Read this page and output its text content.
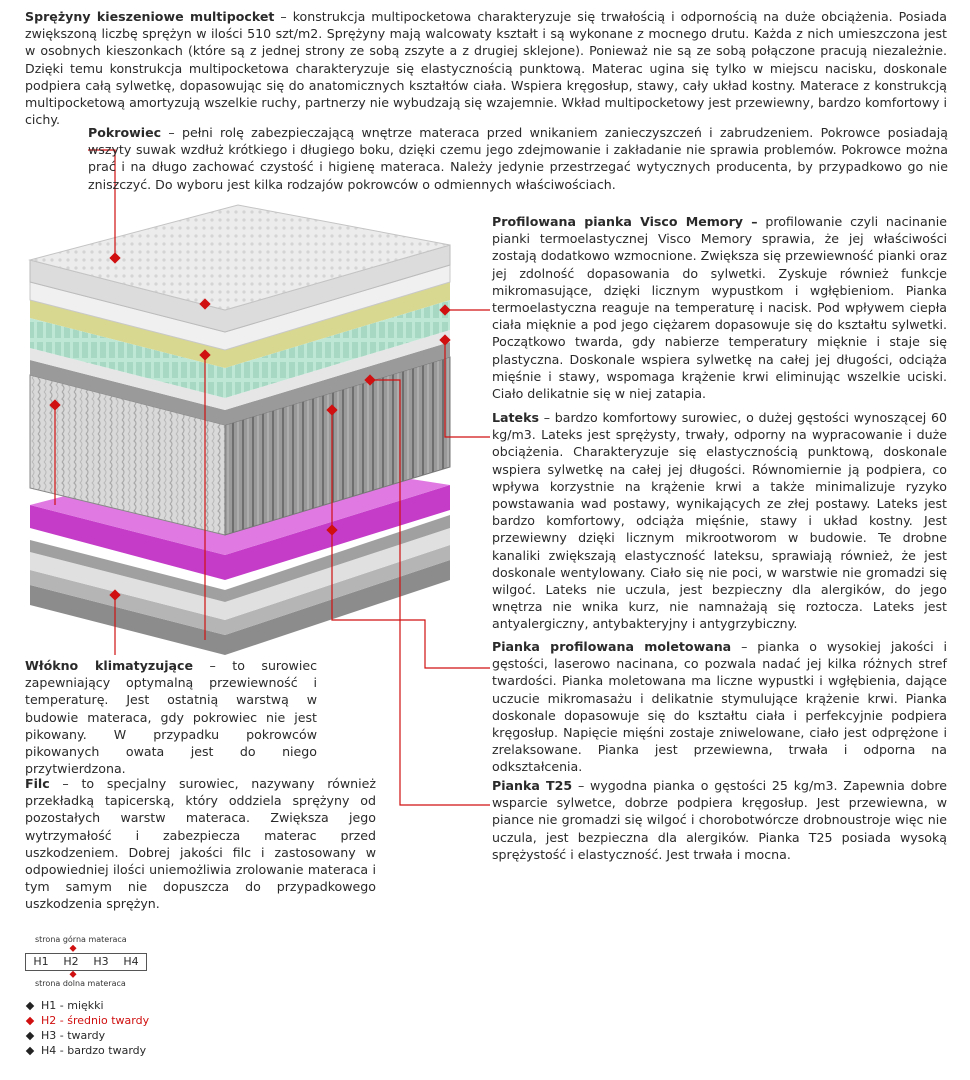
Sprężyny kieszeniowe multipocket – konstrukcja multipocketowa charakteryzuje się trwałością i odpornością na duże obciążenia. Posiada zwiększoną liczbę sprężyn w ilości 510 szt/m2. Sprężyny mają walcowaty kształt i są wykonane z mocnego drutu. Każda z nich umieszczona jest w osobnych kieszonkach (które są z jednej strony ze sobą zszyte a z drugiej sklejone). Ponieważ nie są ze sobą połączone pracują niezależnie. Dzięki temu konstrukcja multipocketowa charakteryzuje się elastycznością punktową. Materac ugina się tylko w miejscu nacisku, doskonale podpiera całą sylwetkę, dopasowując się do anatomicznych kształtów ciała. Wspiera kręgosłup, stawy, cały układ kostny. Materace z konstrukcją multipocketową amortyzują wszelkie ruchy, partnerzy nie wybudzają się wzajemnie. Wkład multipocketowy jest przewiewny, bardzo komfortowy i cichy.

Pokrowiec – pełni rolę zabezpieczającą wnętrze materaca przed wnikaniem zanieczyszczeń i zabrudzeniem. Pokrowce posiadają wszyty suwak wzdłuż krótkiego i długiego boku, dzięki czemu jego zdejmowanie i zakładanie nie sprawia problemów. Pokrowce można prać i na długo zachować czystość i higienę materaca. Należy jedynie przestrzegać wytycznych producenta, by przypadkowo go nie zniszczyć. Do wyboru jest kilka rodzajów pokrowców o odmiennych właściwościach.

Profilowana pianka Visco Memory – profilowanie czyli nacinanie pianki termoelastycznej Visco Memory sprawia, że jej właściwości zostają dodatkowo wzmocnione. Zwiększa się przewiewność pianki oraz jej zdolność dopasowania do sylwetki. Zyskuje również funkcje mikromasujące, dzięki licznym wypustkom i wgłębieniom. Pianka termoelastyczna reaguje na temperaturę i nacisk. Pod wpływem ciepła ciała mięknie a pod jego ciężarem dopasowuje się do kształtu sylwetki. Początkowo twarda, gdy nabierze temperatury mięknie i staje się plastyczna. Doskonale wspiera sylwetkę na całej jej długości, odciąża mięśnie i stawy, wspomaga krążenie krwi eliminując wszelkie uciski. Ciało delikatnie się w niej zatapia.

Lateks – bardzo komfortowy surowiec, o dużej gęstości wynoszącej 60 kg/m3. Lateks jest sprężysty, trwały, odporny na wypracowanie i duże obciążenia. Charakteryzuje się elastycznością punktową, doskonale wspiera sylwetkę na całej jej długości. Równomiernie ją podpiera, co wpływa korzystnie na krążenie krwi a także minimalizuje ryzyko powstawania wad postawy, wynikających ze złej postawy. Lateks jest bardzo komfortowy, odciąża mięśnie, stawy i układ kostny. Jest przewiewny dzięki licznym mikrootworom w budowie. Te drobne kanaliki zwiększają elastyczność lateksu, sprawiają również, że jest doskonale wentylowany. Ciało się nie poci, w warstwie nie gromadzi się wilgoć. Lateks nie uczula, jest bezpieczny dla alergików, do jego wnętrza nie wnika kurz, nie namnażają się roztocza. Lateks jest antyalergiczny, antybakteryjny i antygrzybiczny.

Pianka profilowana moletowana – pianka o wysokiej jakości i gęstości, laserowo nacinana, co pozwala nadać jej kilka różnych stref twardości. Pianka moletowana ma liczne wypustki i wgłębienia, dające uczucie mikromasażu i delikatnie stymulujące krążenie krwi. Pianka doskonale dopasowuje się do kształtu ciała i perfekcyjnie podpiera kręgosłup. Napięcie mięśni zostaje zniwelowane, ciało jest odprężone i zrelaksowane. Pianka jest przewiewna, trwała i odporna na odkształcenia.

Pianka T25 – wygodna pianka o gęstości 25 kg/m3. Zapewnia dobre wsparcie sylwetce, dobrze podpiera kręgosłup. Jest przewiewna, w piance nie gromadzi się wilgoć i chorobotwórcze drobnoustroje więc nie uczula, jest bezpieczna dla alergików. Pianka T25 posiada wysoką sprężystość i elastyczność. Jest trwała i mocna.

Włókno klimatyzujące – to surowiec zapewniający optymalną przewiewność i temperaturę. Jest ostatnią warstwą w budowie materaca, gdy pokrowiec nie jest pikowany. W przypadku pokrowców pikowanych owata jest do niego przytwierdzona.

Filc – to specjalny surowiec, nazywany również przekładką tapicerską, który oddziela sprężyny od pozostałych warstw materaca. Zwiększa jego wytrzymałość i zabezpiecza materac przed uszkodzeniem. Dobrej jakości filc i zastosowany w odpowiedniej ilości uniemożliwia zrolowanie materaca i tym samym nie dopuszcza do przypadkowego uszkodzenia sprężyn.

strona górna materaca
H1	H2	H3	H4
strona dolna materaca
H1 - miękki
H2 - średnio twardy
H3 - twardy
H4 - bardzo twardy
